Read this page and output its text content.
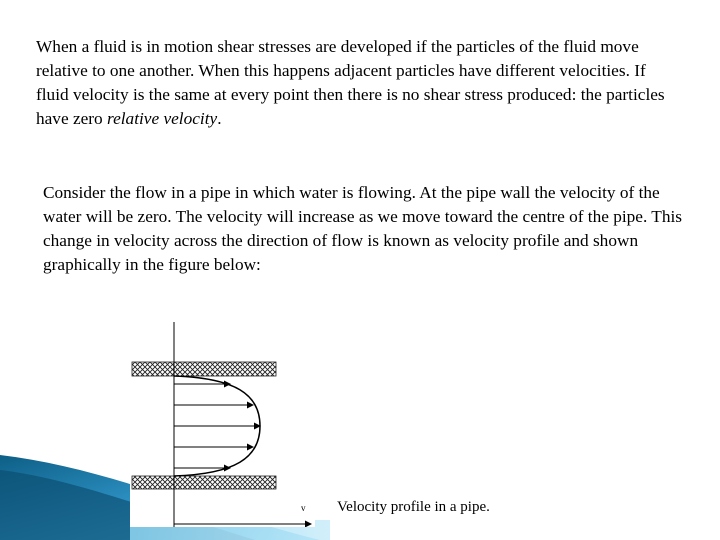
When a fluid is in motion shear stresses are developed if the particles of the fluid move relative to one another. When this happens adjacent particles have different velocities. If fluid velocity is the same at every point then there is no shear stress produced: the particles have zero relative velocity.

Consider the flow in a pipe in which water is flowing. At the pipe wall the velocity of the water will be zero. The velocity will increase as we move toward the centre of the pipe. This change in velocity across the direction of flow is known as velocity profile and shown graphically in the figure below:

v Velocity profile in a pipe.
